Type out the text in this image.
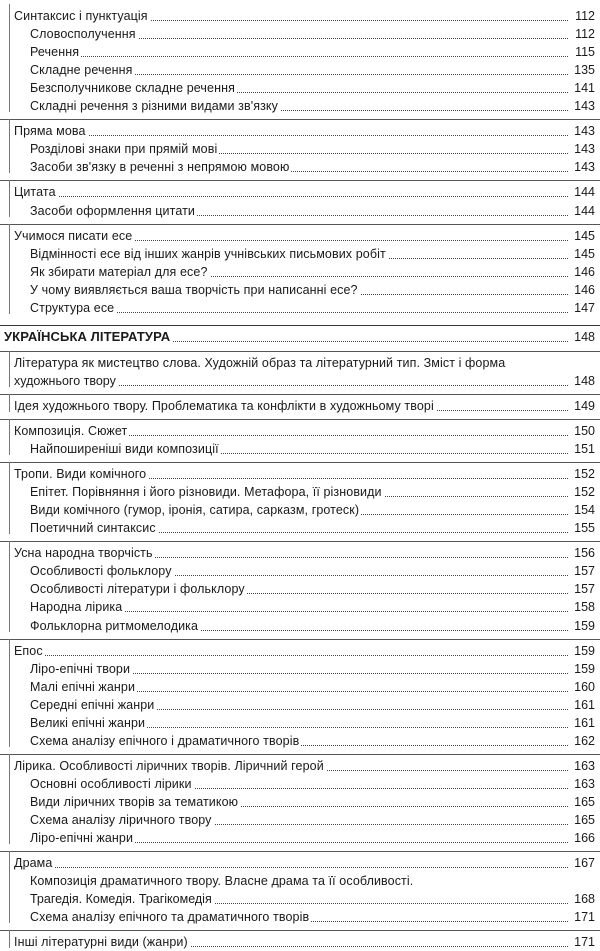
Синтаксис і пунктуація	112
Словосполучення	112
Речення	115
Складне речення	135
Безсполучникове складне речення	141
Складні речення з різними видами зв'язку	143
Пряма мова	143
Розділові знаки при прямій мові	143
Засоби зв'язку в реченні з непрямою мовою	143
Цитата	144
Засоби оформлення цитати	144
Учимося писати есе	145
Відмінності есе від інших жанрів учнівських письмових робіт	145
Як збирати матеріал для есе?	146
У чому виявляється ваша творчість при написанні есе?	146
Структура есе	147
УКРАЇНСЬКА ЛІТЕРАТУРА	148
Література як мистецтво слова. Художній образ та літературний тип. Зміст і форма
художнього твору	148
Ідея художнього твору. Проблематика та конфлікти в художньому творі	149
Композиція. Сюжет	150
Найпоширеніші види композиції	151
Тропи. Види комічного	152
Епітет. Порівняння і його різновиди. Метафора, її різновиди	152
Види комічного (гумор, іронія, сатира, сарказм, гротеск)	154
Поетичний синтаксис	155
Усна народна творчість	156
Особливості фольклору	157
Особливості літератури і фольклору	157
Народна лірика	158
Фольклорна ритмомелодика	159
Епос	159
Ліро-епічні твори	159
Малі епічні жанри	160
Середні епічні жанри	161
Великі епічні жанри	161
Схема аналізу епічного і драматичного творів	162
Лірика. Особливості ліричних творів. Ліричний герой	163
Основні особливості лірики	163
Види ліричних творів за тематикою	165
Схема аналізу ліричного твору	165
Ліро-епічні жанри	166
Драма	167
Композиція драматичного твору. Власне драма та її особливості.
Трагедія. Комедія. Трагікомедія	168
Схема аналізу епічного та драматичного творів	171
Інші літературні види (жанри)	171
